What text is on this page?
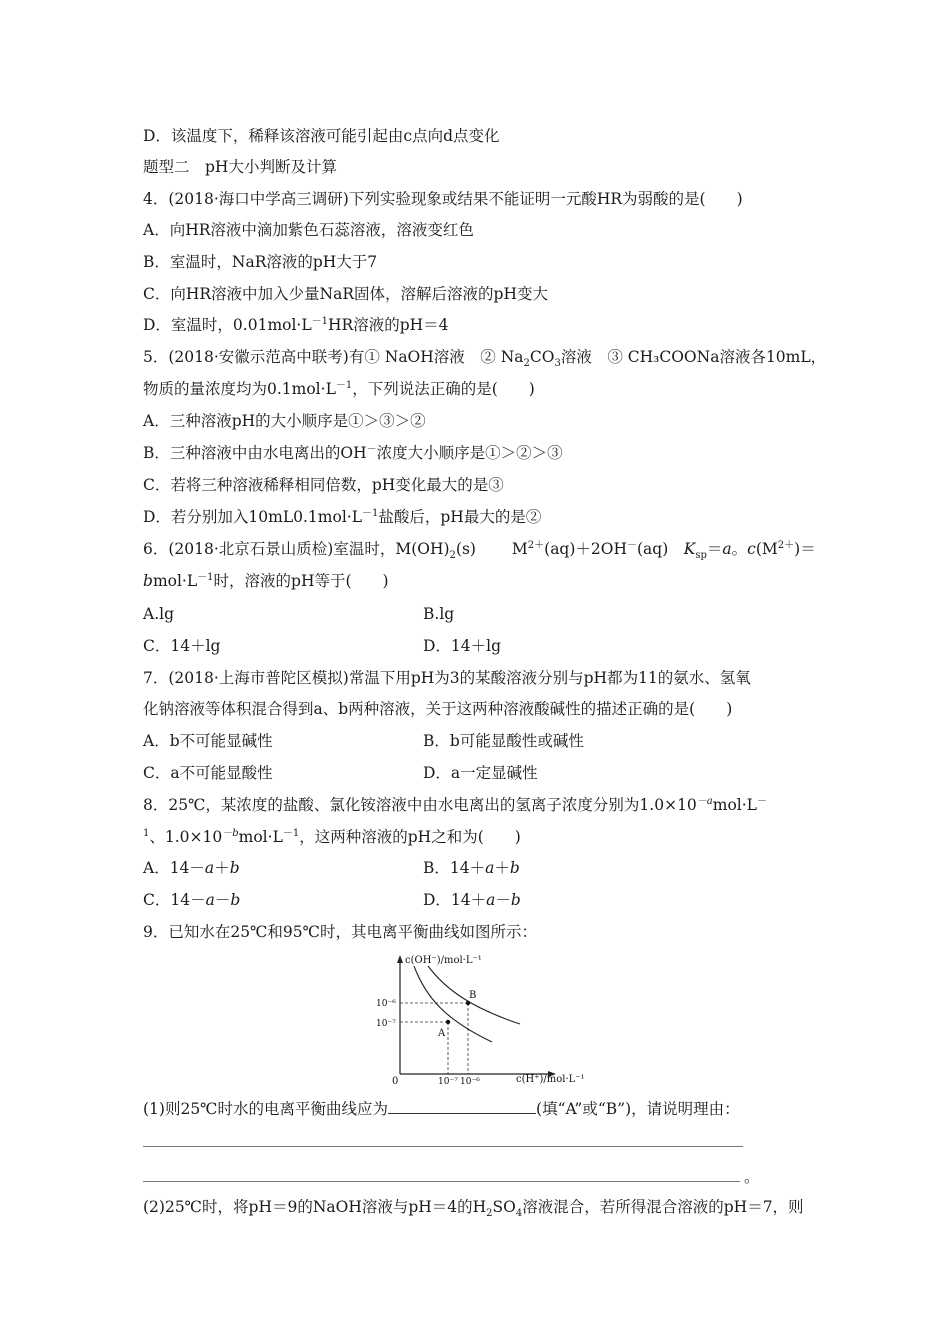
D．该温度下，稀释该溶液可能引起由c点向d点变化
题型二　pH大小判断及计算
4．(2018·海口中学高三调研)下列实验现象或结果不能证明一元酸HR为弱酸的是(　　)
A．向HR溶液中滴加紫色石蕊溶液，溶液变红色
B．室温时，NaR溶液的pH大于7
C．向HR溶液中加入少量NaR固体，溶解后溶液的pH变大
D．室温时，$0.01mol\cdot L^{-1}HR$溶液的pH＝4
5．(2018·安徽示范高中联考)有① NaOH溶液　② $Na_2CO_3$溶液　③ CH₃COONa溶液各10mL，
物质的量浓度均为$0.1mol\cdot L^{-1}$，下列说法正确的是(　　)
A．三种溶液pH的大小顺序是①＞③＞②
B．三种溶液中由水电离出的OH－浓度大小顺序是①＞②＞③
C．若将三种溶液稀释相同倍数，pH变化最大的是③
D．若分别加入$10mL0.1mol\cdot L^{-1}$盐酸后，pH最大的是②
6．(2018·北京石景山质检)室温时，$M(OH)_2(s)$　　 $M^{2+}(aq)+2OH^-(aq)$　$K_{sp}=a$。$c(M^{2+})=$
$bmol\cdot L^{-1}$时，溶液的pH等于(　　)
A.lg	B.lg
C．14＋lg	D．14＋lg
7．(2018·上海市普陀区模拟)常温下用pH为3的某酸溶液分别与pH都为11的氨水、氢氧
化钠溶液等体积混合得到a、b两种溶液，关于这两种溶液酸碱性的描述正确的是(　　)
A．b不可能显碱性	B．b可能显酸性或碱性
C．a不可能显酸性	D．a一定显碱性
8．25℃，某浓度的盐酸、氯化铵溶液中由水电离出的氢离子浓度分别为$1.0\times 10^{-a}mol\cdot L^-$
$^1$、$1.0\times 10^{-b}mol\cdot L^{-1}$，这两种溶液的pH之和为(　　)
A．14－a＋b	B．14＋a＋b
C．14－a－b	D．14＋a－b
9．已知水在25℃和95℃时，其电离平衡曲线如图所示：
c(OH⁻)/mol·L⁻¹
c(H⁺)/mol·L⁻¹
0
10⁻⁶
10⁻⁷
10⁻⁷ 10⁻⁶
A
B
(1)则25℃时水的电离平衡曲线应为	(填“A”或“B”)，请说明理由：
。
(2)25℃时，将pH＝9的NaOH溶液与pH＝4的$H_2SO_4$溶液混合，若所得混合溶液的pH＝7，则
